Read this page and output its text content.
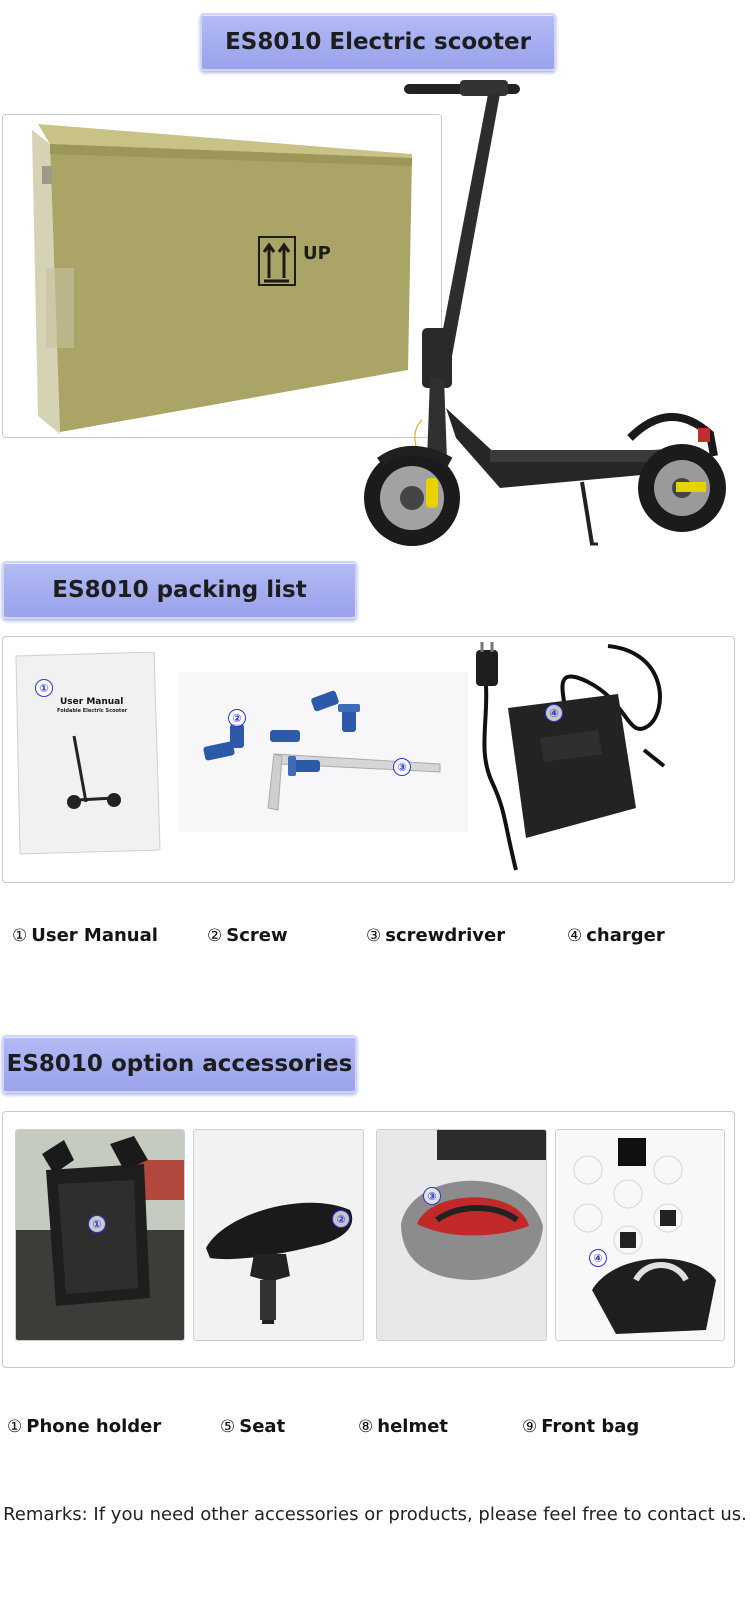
ES8010 Electric scooter
UP
ES8010 packing list
①
User Manual
Foldable Electric Scooter
②
③
④
① User Manual	② Screw	③ screwdriver	④ charger
ES8010 option accessories
①	②
③
④
① Phone holder	⑤ Seat	⑧ helmet	⑨ Front bag
Remarks: If you need other accessories or products, please feel free to contact us.
